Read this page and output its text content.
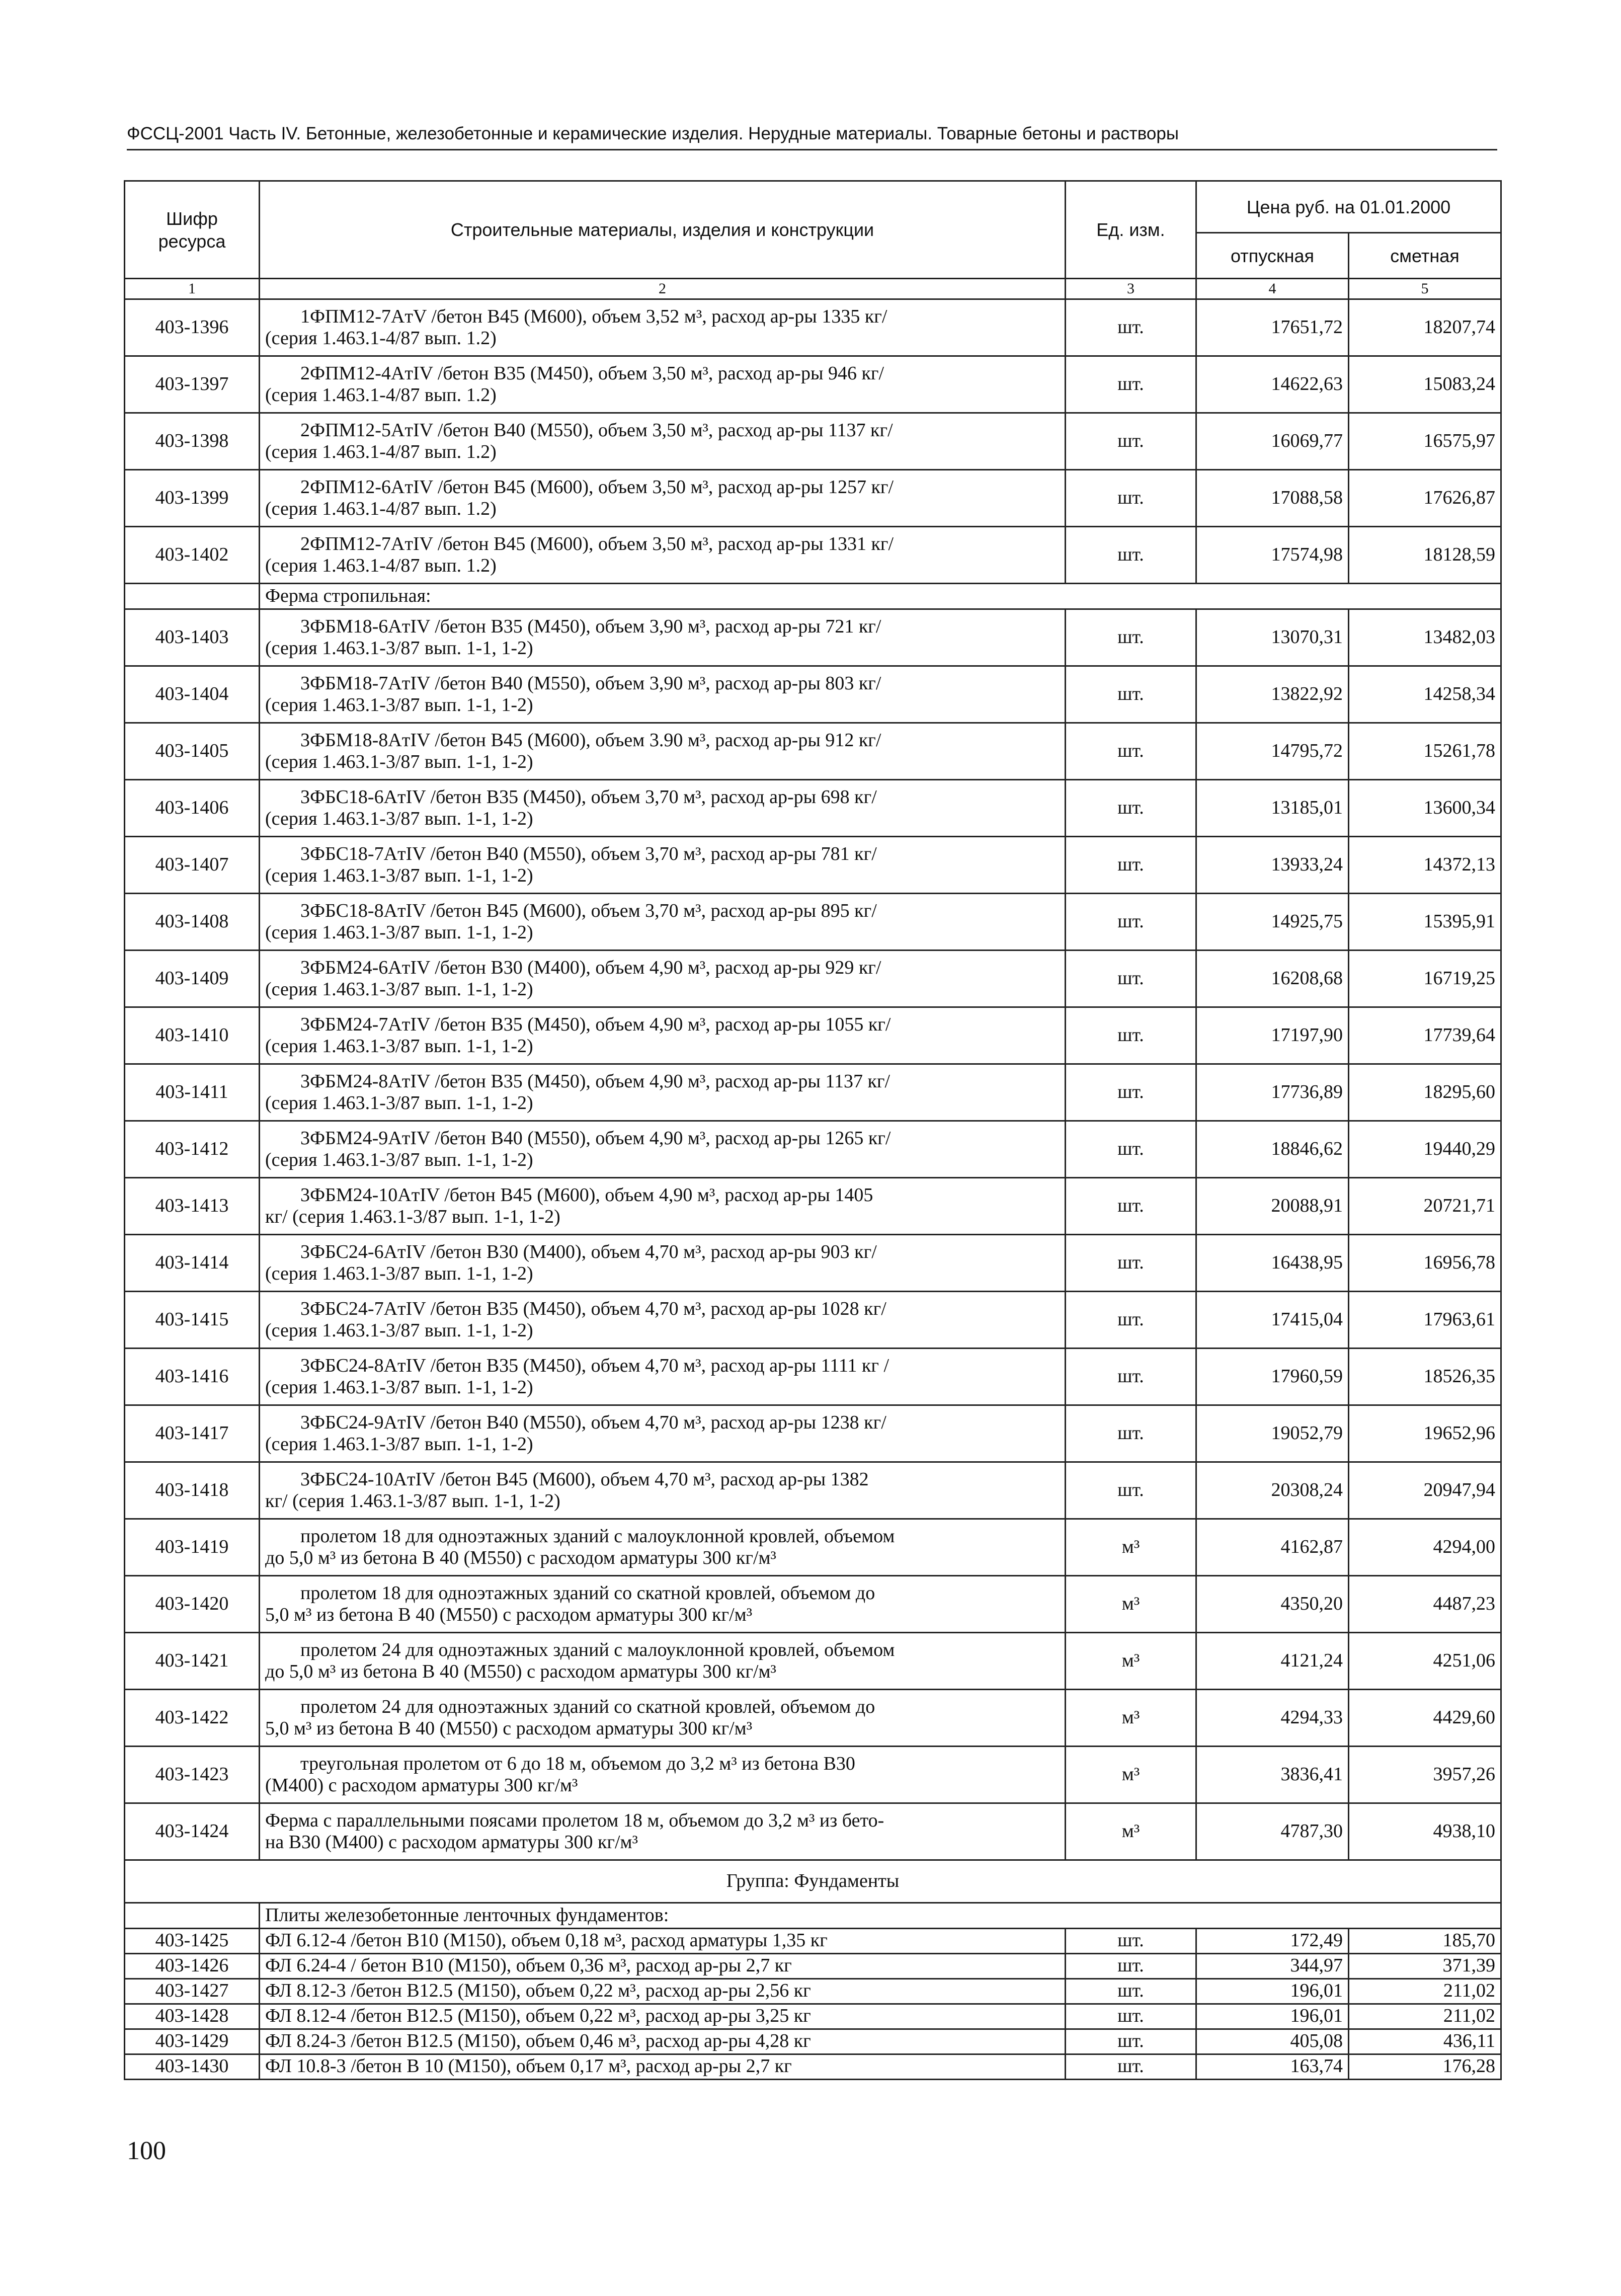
ФССЦ-2001 Часть IV. Бетонные, железобетонные и керамические изделия. Нерудные материалы. Товарные бетоны и растворы
Шифр ресурса	Строительные материалы, изделия и конструкции	Ед. изм.	Цена руб. на 01.01.2000	
			отпускная	сметная
1	2	3	4	5
403-1396	1ФПМ12-7AтV /бетон В45 (М600), объем 3,52 м³, расход ар-ры 1335 кг/
(серия 1.463.1-4/87 вып. 1.2)	шт.	17651,72	18207,74
403-1397	2ФПМ12-4AтIV /бетон В35 (М450), объем 3,50 м³, расход ар-ры 946 кг/
(серия 1.463.1-4/87 вып. 1.2)	шт.	14622,63	15083,24
403-1398	2ФПМ12-5AтIV /бетон В40 (М550), объем 3,50 м³, расход ар-ры 1137 кг/
(серия 1.463.1-4/87 вып. 1.2)	шт.	16069,77	16575,97
403-1399	2ФПМ12-6AтIV /бетон В45 (М600), объем 3,50 м³, расход ар-ры 1257 кг/
(серия 1.463.1-4/87 вып. 1.2)	шт.	17088,58	17626,87
403-1402	2ФПМ12-7AтIV /бетон В45 (М600), объем 3,50 м³, расход ар-ры 1331 кг/
(серия 1.463.1-4/87 вып. 1.2)	шт.	17574,98	18128,59
	Ферма стропильная:			
403-1403	3ФБМ18-6AтIV /бетон В35 (М450), объем 3,90 м³, расход ар-ры 721 кг/
(серия 1.463.1-3/87 вып. 1-1, 1-2)	шт.	13070,31	13482,03
403-1404	3ФБМ18-7AтIV /бетон В40 (М550), объем 3,90 м³, расход ар-ры 803 кг/
(серия 1.463.1-3/87 вып. 1-1, 1-2)	шт.	13822,92	14258,34
403-1405	3ФБМ18-8AтIV /бетон В45 (М600), объем 3.90 м³, расход ар-ры 912 кг/
(серия 1.463.1-3/87 вып. 1-1, 1-2)	шт.	14795,72	15261,78
403-1406	3ФБС18-6AтIV /бетон В35 (М450), объем 3,70 м³, расход ар-ры 698 кг/
(серия 1.463.1-3/87 вып. 1-1, 1-2)	шт.	13185,01	13600,34
403-1407	3ФБС18-7AтIV /бетон В40 (М550), объем 3,70 м³, расход ар-ры 781 кг/
(серия 1.463.1-3/87 вып. 1-1, 1-2)	шт.	13933,24	14372,13
403-1408	3ФБС18-8AтIV /бетон В45 (М600), объем 3,70 м³, расход ар-ры 895 кг/
(серия 1.463.1-3/87 вып. 1-1, 1-2)	шт.	14925,75	15395,91
403-1409	3ФБМ24-6AтIV /бетон В30 (М400), объем 4,90 м³, расход ар-ры 929 кг/
(серия 1.463.1-3/87 вып. 1-1, 1-2)	шт.	16208,68	16719,25
403-1410	3ФБМ24-7AтIV /бетон В35 (М450), объем 4,90 м³, расход ар-ры 1055 кг/
(серия 1.463.1-3/87 вып. 1-1, 1-2)	шт.	17197,90	17739,64
403-1411	3ФБМ24-8AтIV /бетон В35 (М450), объем 4,90 м³, расход ар-ры 1137 кг/
(серия 1.463.1-3/87 вып. 1-1, 1-2)	шт.	17736,89	18295,60
403-1412	3ФБМ24-9AтIV /бетон В40 (М550), объем 4,90 м³, расход ар-ры 1265 кг/
(серия 1.463.1-3/87 вып. 1-1, 1-2)	шт.	18846,62	19440,29
403-1413	3ФБМ24-10AтIV /бетон В45 (М600), объем 4,90 м³, расход ар-ры 1405
кг/ (серия 1.463.1-3/87 вып. 1-1, 1-2)	шт.	20088,91	20721,71
403-1414	3ФБС24-6AтIV /бетон В30 (М400), объем 4,70 м³, расход ар-ры 903 кг/
(серия 1.463.1-3/87 вып. 1-1, 1-2)	шт.	16438,95	16956,78
403-1415	3ФБС24-7AтIV /бетон В35 (М450), объем 4,70 м³, расход ар-ры 1028 кг/
(серия 1.463.1-3/87 вып. 1-1, 1-2)	шт.	17415,04	17963,61
403-1416	3ФБС24-8AтIV /бетон В35 (М450), объем 4,70 м³, расход ар-ры 1111 кг /
(серия 1.463.1-3/87 вып. 1-1, 1-2)	шт.	17960,59	18526,35
403-1417	3ФБС24-9AтIV /бетон В40 (М550), объем 4,70 м³, расход ар-ры 1238 кг/
(серия 1.463.1-3/87 вып. 1-1, 1-2)	шт.	19052,79	19652,96
403-1418	3ФБС24-10AтIV /бетон В45 (М600), объем 4,70 м³, расход ар-ры 1382
кг/ (серия 1.463.1-3/87 вып. 1-1, 1-2)	шт.	20308,24	20947,94
403-1419	пролетом 18 для одноэтажных зданий с малоуклонной кровлей, объемом
до 5,0 м³ из бетона В 40 (М550) с расходом арматуры 300 кг/м³	м³	4162,87	4294,00
403-1420	пролетом 18 для одноэтажных зданий со скатной кровлей, объемом до
5,0 м³ из бетона В 40 (М550) с расходом арматуры 300 кг/м³	м³	4350,20	4487,23
403-1421	пролетом 24 для одноэтажных зданий с малоуклонной кровлей, объемом
до 5,0 м³ из бетона В 40 (М550) с расходом арматуры 300 кг/м³	м³	4121,24	4251,06
403-1422	пролетом 24 для одноэтажных зданий со скатной кровлей, объемом до
5,0 м³ из бетона В 40 (М550) с расходом арматуры 300 кг/м³	м³	4294,33	4429,60
403-1423	треугольная пролетом от 6 до 18 м, объемом до 3,2 м³ из бетона В30
(М400) с расходом арматуры 300 кг/м³	м³	3836,41	3957,26
403-1424	Ферма с параллельными поясами пролетом 18 м, объемом до 3,2 м³ из бето-
на В30 (М400) с расходом арматуры 300 кг/м³	м³	4787,30	4938,10
Группа: Фундаменты				
	Плиты железобетонные ленточных фундаментов:			
403-1425	ФЛ 6.12-4 /бетон В10 (М150), объем 0,18 м³, расход арматуры 1,35 кг	шт.	172,49	185,70
403-1426	ФЛ 6.24-4 / бетон В10 (М150), объем 0,36 м³, расход ар-ры 2,7 кг	шт.	344,97	371,39
403-1427	ФЛ 8.12-3 /бетон В12.5 (М150), объем 0,22 м³, расход ар-ры 2,56 кг	шт.	196,01	211,02
403-1428	ФЛ 8.12-4 /бетон В12.5 (М150), объем 0,22 м³, расход ар-ры 3,25 кг	шт.	196,01	211,02
403-1429	ФЛ 8.24-3 /бетон В12.5 (М150), объем 0,46 м³, расход ар-ры 4,28 кг	шт.	405,08	436,11
403-1430	ФЛ 10.8-3 /бетон В 10 (М150), объем 0,17 м³, расход ар-ры 2,7 кг	шт.	163,74	176,28
100
